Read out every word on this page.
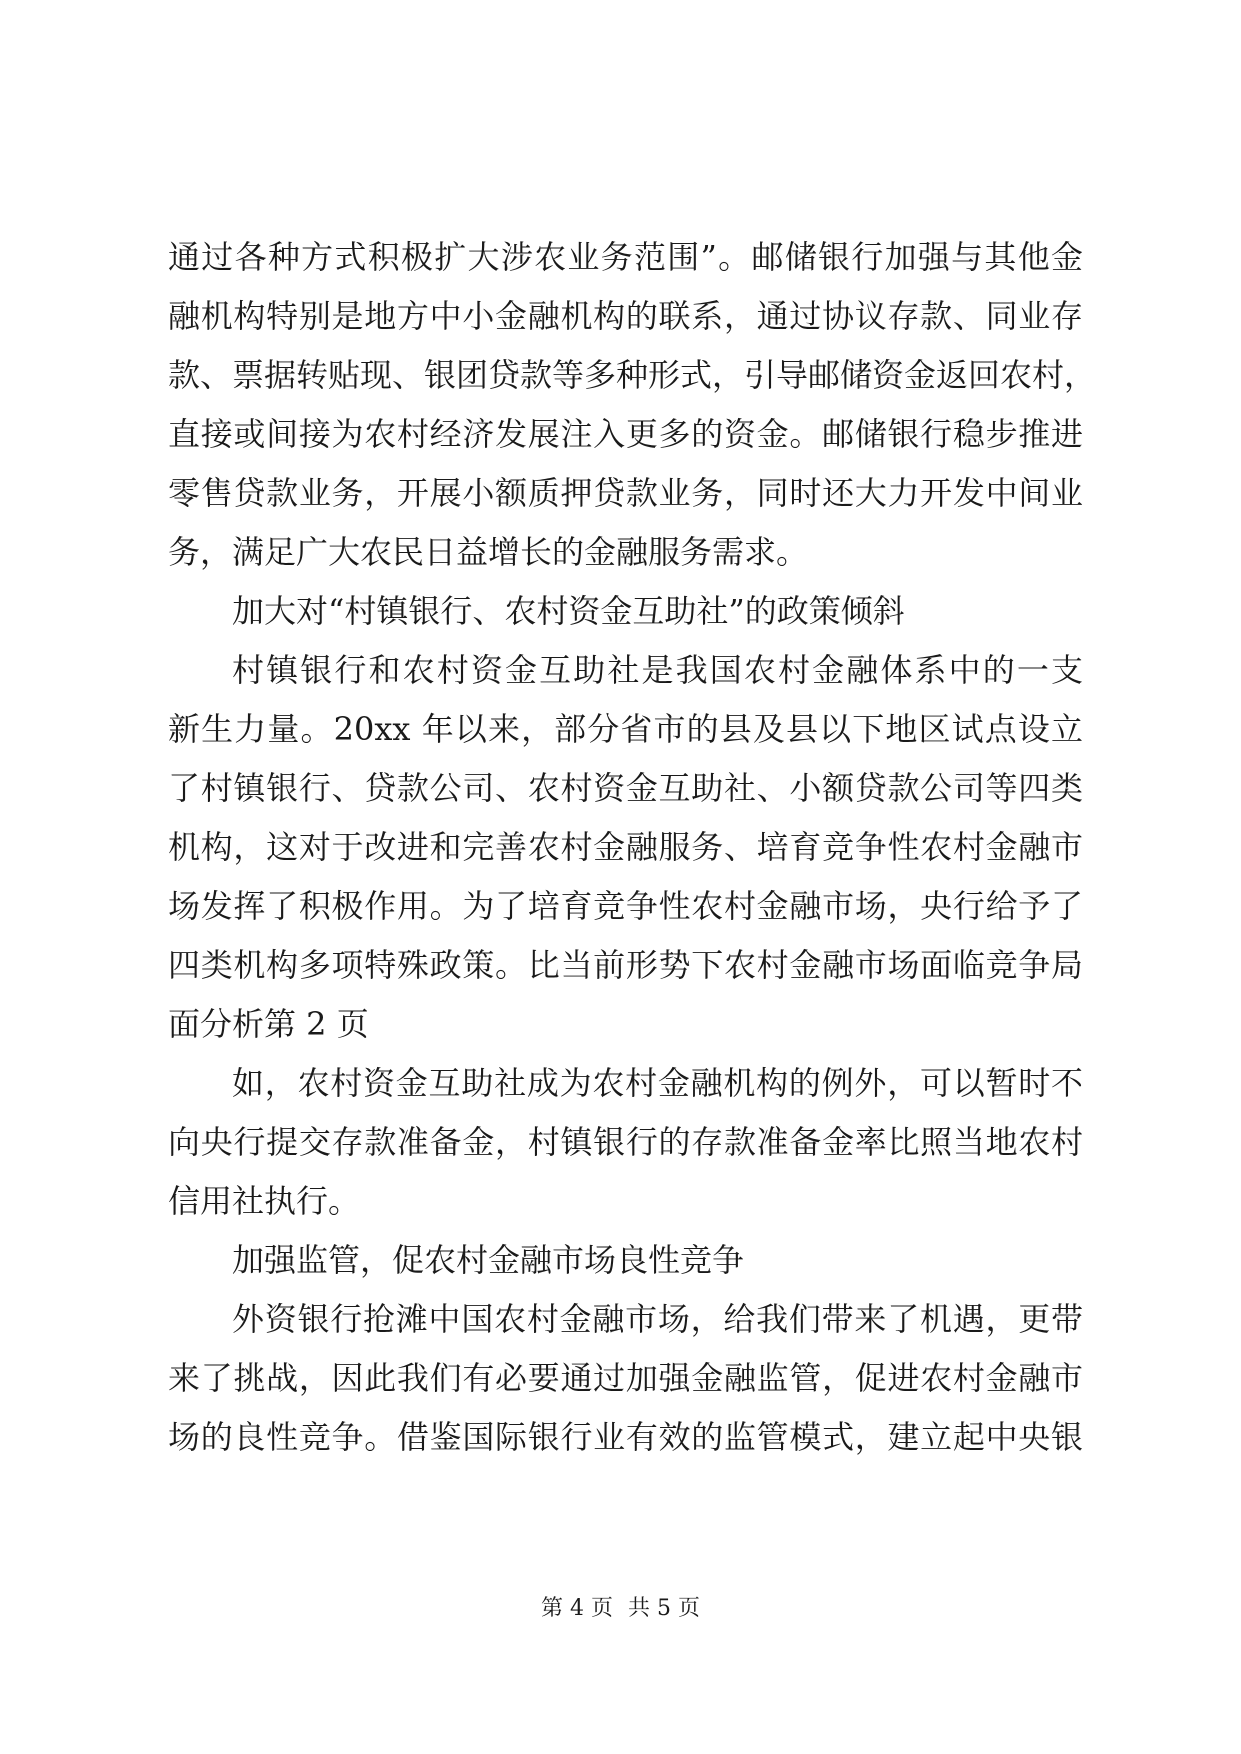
通过各种方式积极扩大涉农业务范围”。邮储银行加强与其他金
融机构特别是地方中小金融机构的联系，通过协议存款、同业存
款、票据转贴现、银团贷款等多种形式，引导邮储资金返回农村，
直接或间接为农村经济发展注入更多的资金。邮储银行稳步推进
零售贷款业务，开展小额质押贷款业务，同时还大力开发中间业
务，满足广大农民日益增长的金融服务需求。
加大对“村镇银行、农村资金互助社”的政策倾斜
村镇银行和农村资金互助社是我国农村金融体系中的一支
新生力量。20xx 年以来，部分省市的县及县以下地区试点设立
了村镇银行、贷款公司、农村资金互助社、小额贷款公司等四类
机构，这对于改进和完善农村金融服务、培育竞争性农村金融市
场发挥了积极作用。为了培育竞争性农村金融市场，央行给予了
四类机构多项特殊政策。比当前形势下农村金融市场面临竞争局
面分析第 2 页
如，农村资金互助社成为农村金融机构的例外，可以暂时不
向央行提交存款准备金，村镇银行的存款准备金率比照当地农村
信用社执行。
加强监管，促农村金融市场良性竞争
外资银行抢滩中国农村金融市场，给我们带来了机遇，更带
来了挑战，因此我们有必要通过加强金融监管，促进农村金融市
场的良性竞争。借鉴国际银行业有效的监管模式，建立起中央银
第 4 页 共 5 页
